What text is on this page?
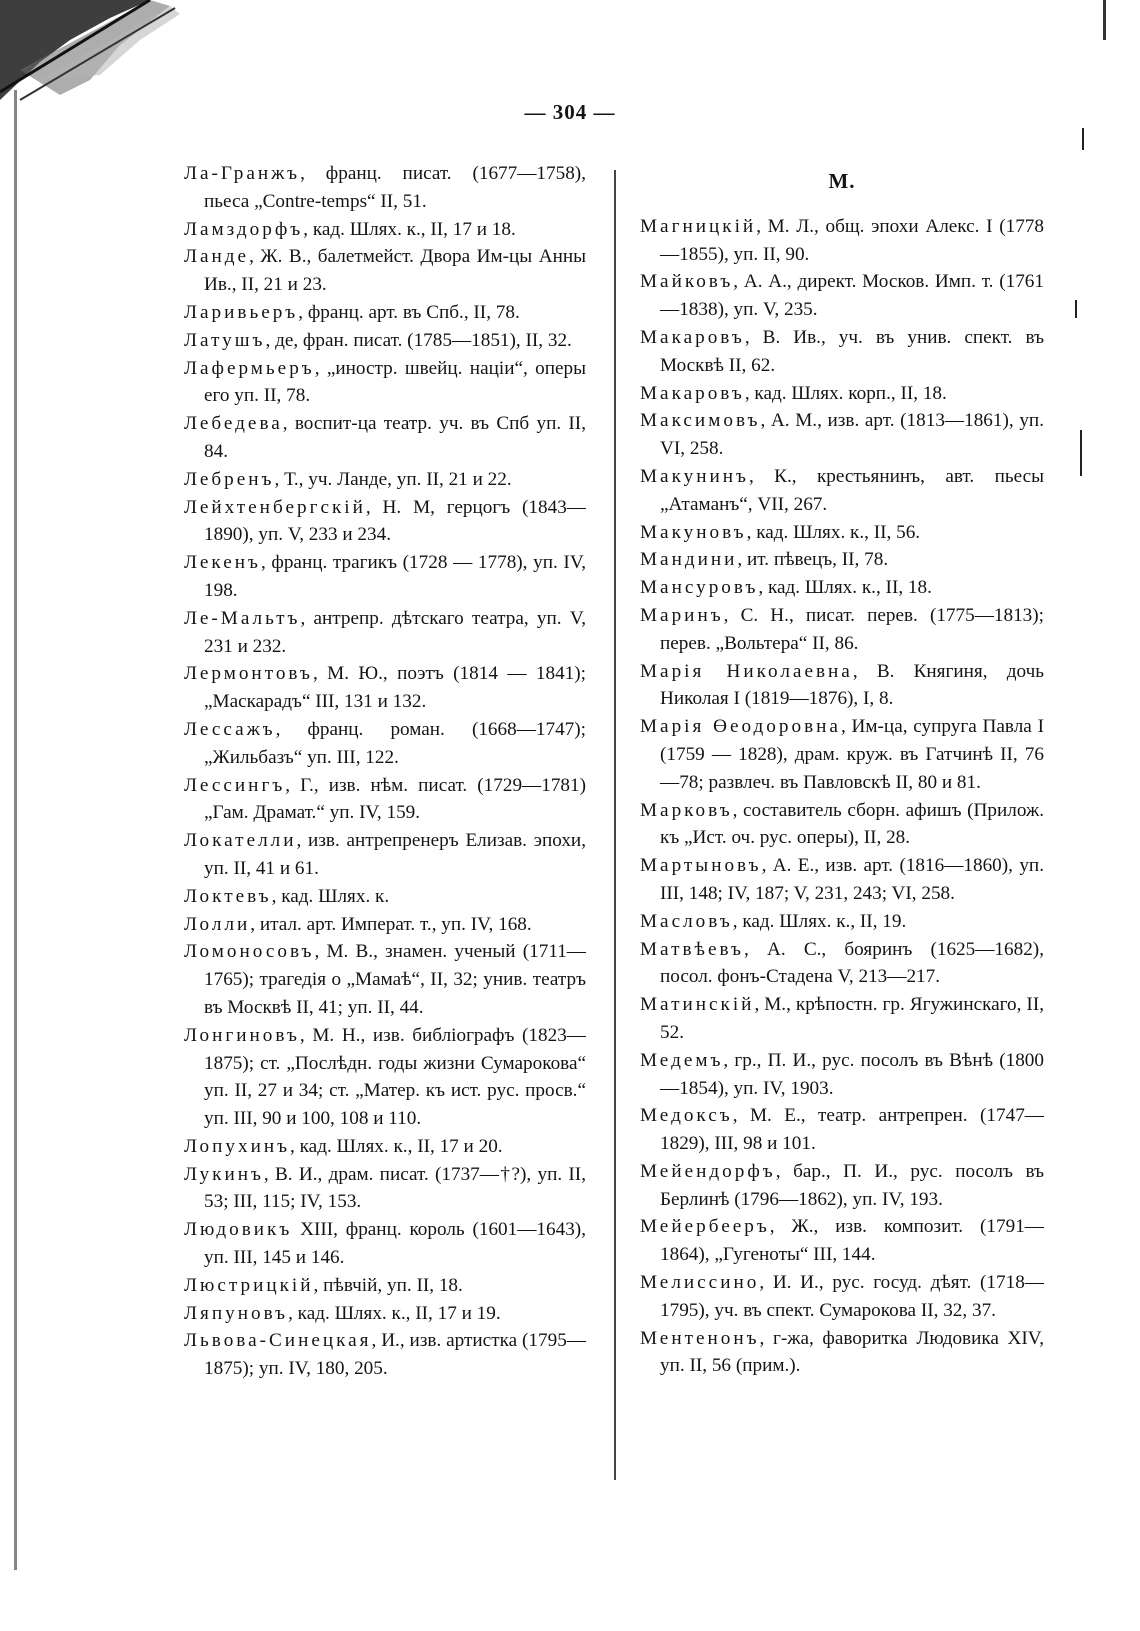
— 304 —

Ла-Гранжъ, франц. писат. (1677—1758), пьеса „Contre-temps“ II, 51.

Ламздорфъ, кад. Шлях. к., II, 17 и 18.

Ланде, Ж. В., балетмейст. Двора Им-цы Анны Ив., II, 21 и 23.

Ларивьеръ, франц. арт. въ Спб., II, 78.

Латушъ, де, фран. писат. (1785—1851), II, 32.

Лафермьеръ, „иностр. швейц. націи“, оперы его уп. II, 78.

Лебедева, воспит-ца театр. уч. въ Спб уп. II, 84.

Лебренъ, Т., уч. Ланде, уп. II, 21 и 22.

Лейхтенбергскій, Н. М, герцогъ (1843—1890), уп. V, 233 и 234.

Лекенъ, франц. трагикъ (1728 — 1778), уп. IV, 198.

Ле-Мальтъ, антрепр. дѣтскаго театра, уп. V, 231 и 232.

Лермонтовъ, М. Ю., поэтъ (1814 — 1841); „Маскарадъ“ III, 131 и 132.

Лессажъ, франц. роман. (1668—1747); „Жильбазъ“ уп. III, 122.

Лессингъ, Г., изв. нѣм. писат. (1729—1781) „Гам. Драмат.“ уп. IV, 159.

Локателли, изв. антрепренеръ Елизав. эпохи, уп. II, 41 и 61.

Локтевъ, кад. Шлях. к.

Лолли, итал. арт. Императ. т., уп. IV, 168.

Ломоносовъ, М. В., знамен. ученый (1711—1765); трагедія о „Мамаѣ“, II, 32; унив. театръ въ Москвѣ II, 41; уп. II, 44.

Лонгиновъ, М. Н., изв. библіографъ (1823—1875); ст. „Послѣдн. годы жизни Сумарокова“ уп. II, 27 и 34; ст. „Матер. къ ист. рус. просв.“ уп. III, 90 и 100, 108 и 110.

Лопухинъ, кад. Шлях. к., II, 17 и 20.

Лукинъ, В. И., драм. писат. (1737—†?), уп. II, 53; III, 115; IV, 153.

Людовикъ XIII, франц. король (1601—1643), уп. III, 145 и 146.

Люстрицкій, пѣвчій, уп. II, 18.

Ляпуновъ, кад. Шлях. к., II, 17 и 19.

Львова-Синецкая, И., изв. артистка (1795—1875); уп. IV, 180, 205.

М.

Магницкій, М. Л., общ. эпохи Алекс. I (1778—1855), уп. II, 90.

Майковъ, А. А., директ. Москов. Имп. т. (1761—1838), уп. V, 235.

Макаровъ, В. Ив., уч. въ унив. спект. въ Москвѣ II, 62.

Макаровъ, кад. Шлях. корп., II, 18.

Максимовъ, А. М., изв. арт. (1813—1861), уп. VI, 258.

Макунинъ, К., крестьянинъ, авт. пьесы „Атаманъ“, VII, 267.

Макуновъ, кад. Шлях. к., II, 56.

Мандини, ит. пѣвецъ, II, 78.

Мансуровъ, кад. Шлях. к., II, 18.

Маринъ, С. Н., писат. перев. (1775—1813); перев. „Вольтера“ II, 86.

Марія Николаевна, В. Княгиня, дочь Николая I (1819—1876), I, 8.

Марія Өеодоровна, Им-ца, супруга Павла I (1759 — 1828), драм. круж. въ Гатчинѣ II, 76—78; развлеч. въ Павловскѣ II, 80 и 81.

Марковъ, составитель сборн. афишъ (Прилож. къ „Ист. оч. рус. оперы), II, 28.

Мартыновъ, А. Е., изв. арт. (1816—1860), уп. III, 148; IV, 187; V, 231, 243; VI, 258.

Масловъ, кад. Шлях. к., II, 19.

Матвѣевъ, А. С., бояринъ (1625—1682), посол. фонъ-Стадена V, 213—217.

Матинскій, М., крѣпостн. гр. Ягужинскаго, II, 52.

Медемъ, гр., П. И., рус. посолъ въ Вѣнѣ (1800—1854), уп. IV, 1903.

Медоксъ, М. Е., театр. антрепрен. (1747—1829), III, 98 и 101.

Мейендорфъ, бар., П. И., рус. посолъ въ Берлинѣ (1796—1862), уп. IV, 193.

Мейербееръ, Ж., изв. композит. (1791—1864), „Гугеноты“ III, 144.

Мелиссино, И. И., рус. госуд. дѣят. (1718—1795), уч. въ спект. Сумарокова II, 32, 37.

Ментенонъ, г-жа, фаворитка Людовика XIV, уп. II, 56 (прим.).
